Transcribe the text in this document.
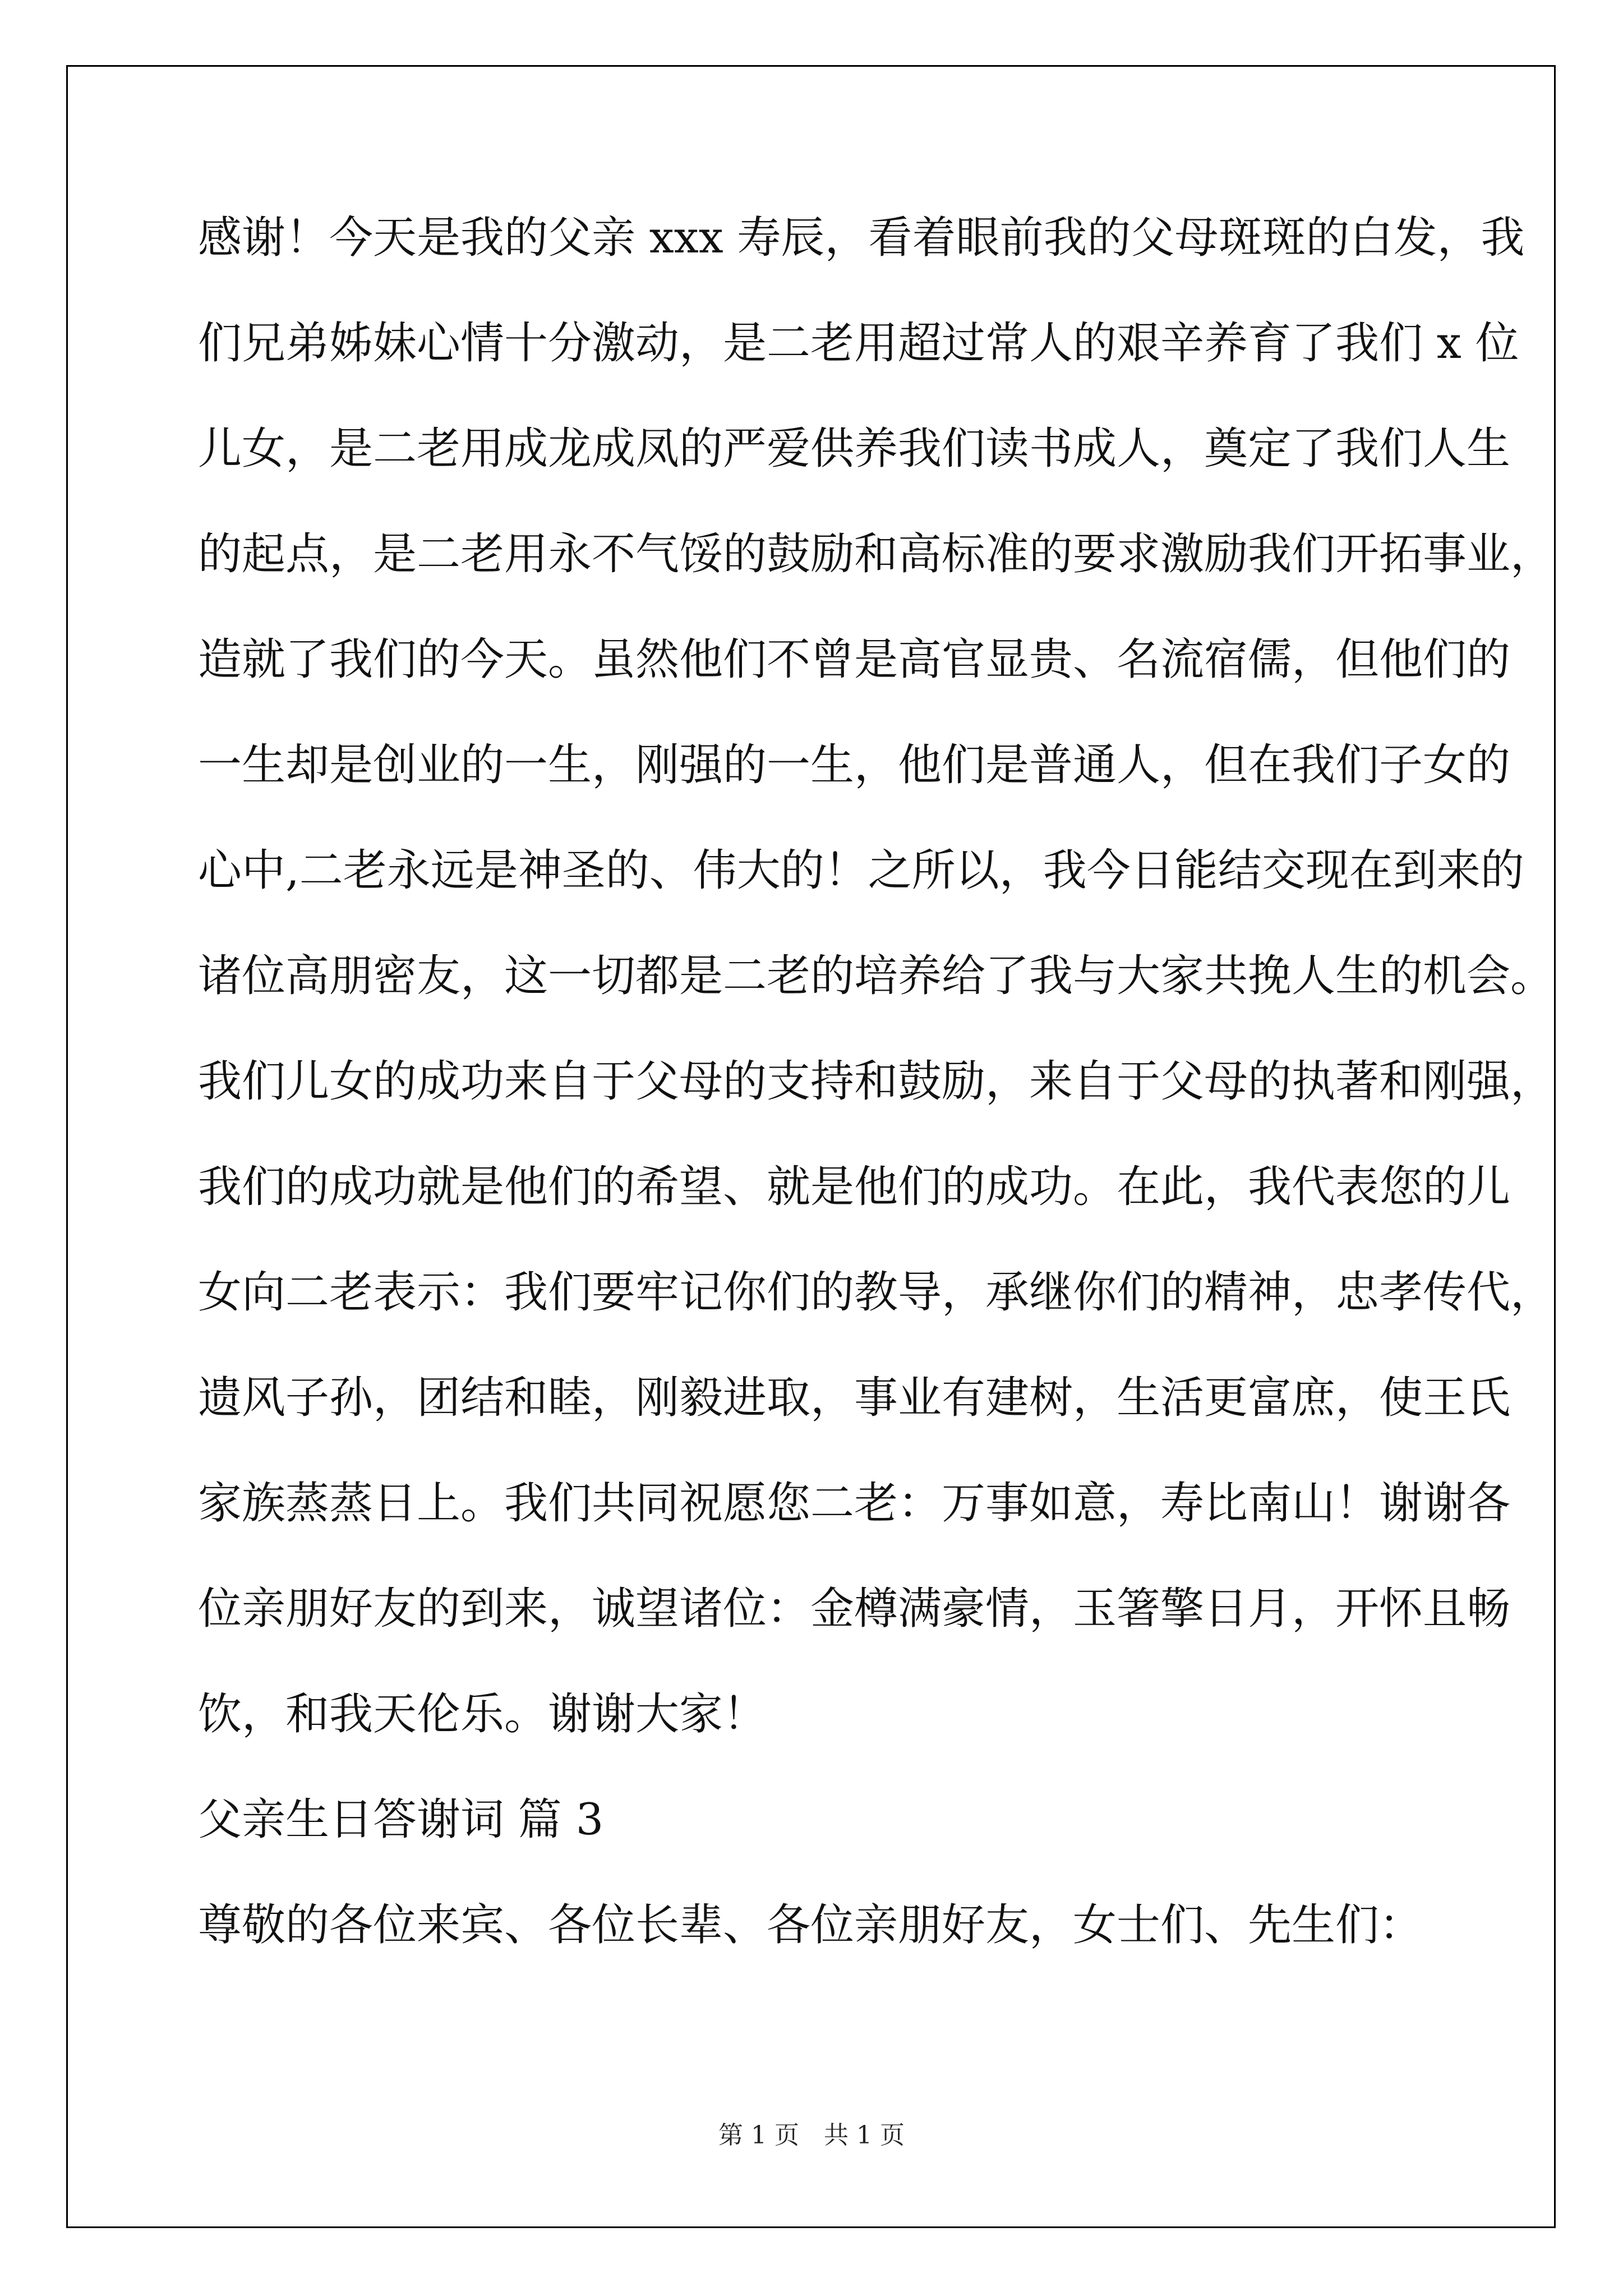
感谢！今天是我的父亲 xxx 寿辰，看着眼前我的父母斑斑的白发，我
们兄弟姊妹心情十分激动，是二老用超过常人的艰辛养育了我们 x 位
儿女，是二老用成龙成凤的严爱供养我们读书成人，奠定了我们人生
的起点，是二老用永不气馁的鼓励和高标准的要求激励我们开拓事业，
造就了我们的今天。虽然他们不曾是高官显贵、名流宿儒，但他们的
一生却是创业的一生，刚强的一生，他们是普通人，但在我们子女的
心中,二老永远是神圣的、伟大的！之所以，我今日能结交现在到来的
诸位高朋密友，这一切都是二老的培养给了我与大家共挽人生的机会。
我们儿女的成功来自于父母的支持和鼓励，来自于父母的执著和刚强，
我们的成功就是他们的希望、就是他们的成功。在此，我代表您的儿
女向二老表示：我们要牢记你们的教导，承继你们的精神，忠孝传代，
遗风子孙，团结和睦，刚毅进取，事业有建树，生活更富庶，使王氏
家族蒸蒸日上。我们共同祝愿您二老：万事如意，寿比南山！谢谢各
位亲朋好友的到来，诚望诸位：金樽满豪情，玉箸擎日月，开怀且畅
饮，和我天伦乐。谢谢大家！
父亲生日答谢词 篇 3
尊敬的各位来宾、各位长辈、各位亲朋好友，女士们、先生们：
第 1 页　共 1 页
